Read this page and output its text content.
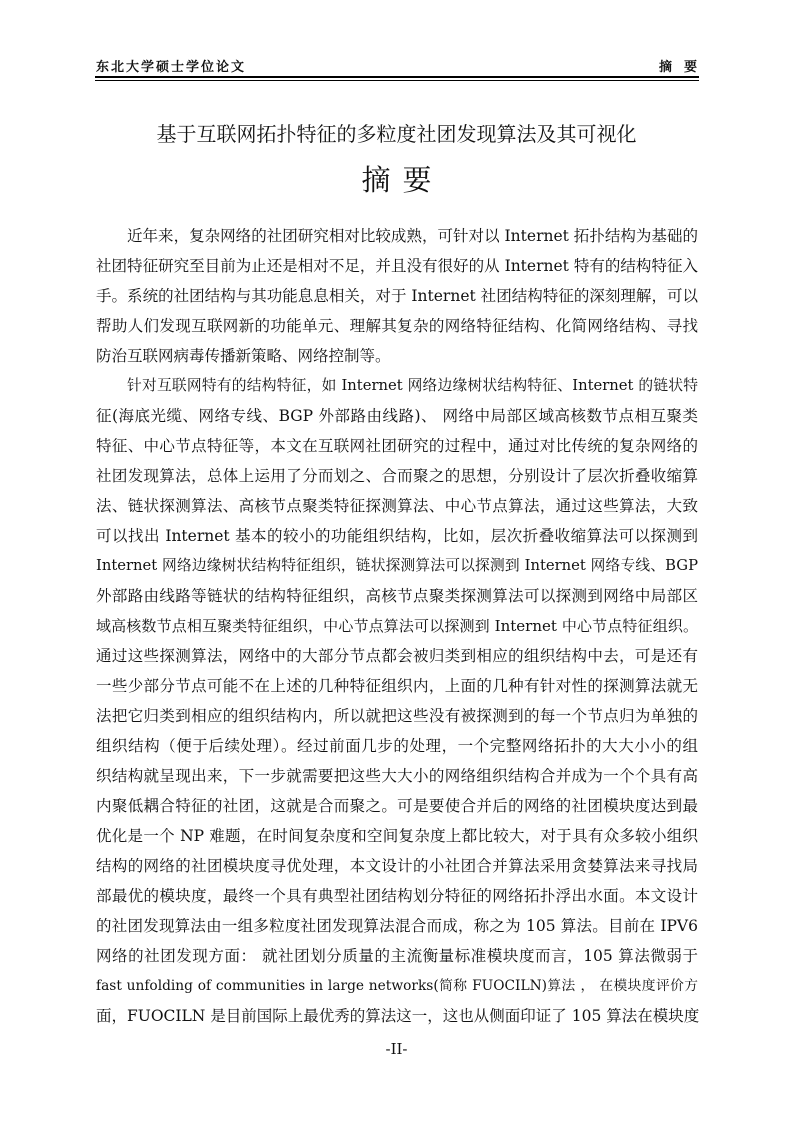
东北大学硕士学位论文	摘要
基于互联网拓扑特征的多粒度社团发现算法及其可视化
摘要
近年来，复杂网络的社团研究相对比较成熟，可针对以 Internet 拓扑结构为基础的
社团特征研究至目前为止还是相对不足，并且没有很好的从 Internet 特有的结构特征入
手。系统的社团结构与其功能息息相关，对于 Internet 社团结构特征的深刻理解，可以
帮助人们发现互联网新的功能单元、理解其复杂的网络特征结构、化简网络结构、寻找
防治互联网病毒传播新策略、网络控制等。
针对互联网特有的结构特征，如 Internet 网络边缘树状结构特征、Internet 的链状特
征(海底光缆、网络专线、BGP 外部路由线路)、 网络中局部区域高核数节点相互聚类
特征、中心节点特征等，本文在互联网社团研究的过程中，通过对比传统的复杂网络的
社团发现算法，总体上运用了分而划之、合而聚之的思想，分别设计了层次折叠收缩算
法、链状探测算法、高核节点聚类特征探测算法、中心节点算法，通过这些算法，大致
可以找出 Internet 基本的较小的功能组织结构，比如，层次折叠收缩算法可以探测到
Internet 网络边缘树状结构特征组织，链状探测算法可以探测到 Internet 网络专线、BGP
外部路由线路等链状的结构特征组织，高核节点聚类探测算法可以探测到网络中局部区
域高核数节点相互聚类特征组织，中心节点算法可以探测到 Internet 中心节点特征组织。
通过这些探测算法，网络中的大部分节点都会被归类到相应的组织结构中去，可是还有
一些少部分节点可能不在上述的几种特征组织内，上面的几种有针对性的探测算法就无
法把它归类到相应的组织结构内，所以就把这些没有被探测到的每一个节点归为单独的
组织结构（便于后续处理）。经过前面几步的处理，一个完整网络拓扑的大大小小的组
织结构就呈现出来，下一步就需要把这些大大小的网络组织结构合并成为一个个具有高
内聚低耦合特征的社团，这就是合而聚之。可是要使合并后的网络的社团模块度达到最
优化是一个 NP 难题，在时间复杂度和空间复杂度上都比较大，对于具有众多较小组织
结构的网络的社团模块度寻优处理，本文设计的小社团合并算法采用贪婪算法来寻找局
部最优的模块度，最终一个具有典型社团结构划分特征的网络拓扑浮出水面。本文设计
的社团发现算法由一组多粒度社团发现算法混合而成，称之为 105 算法。目前在 IPV6
网络的社团发现方面： 就社团划分质量的主流衡量标准模块度而言，105 算法微弱于
fast unfolding of communities in large networks(简称 FUOCILN)算法 ， 在模块度评价方
面，FUOCILN 是目前国际上最优秀的算法这一，这也从侧面印证了 105 算法在模块度
-II-
